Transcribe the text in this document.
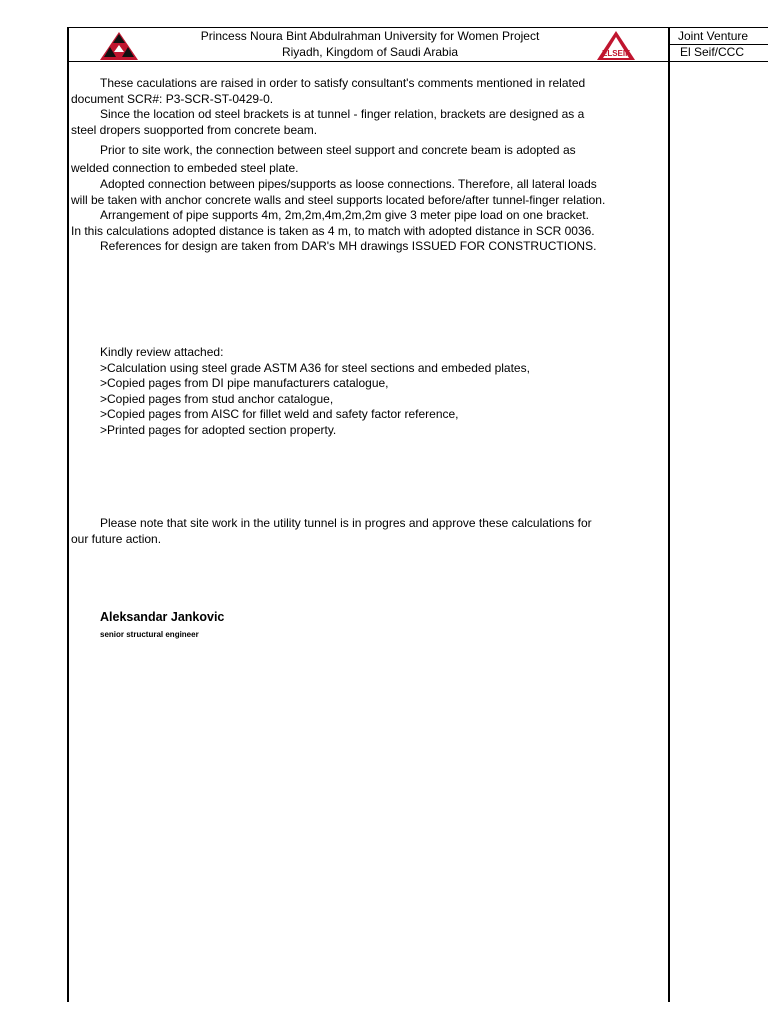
Princess Noura Bint Abdulrahman University for Women Project
Riyadh, Kingdom of Saudi Arabia	ELSEIF
Joint Venture
El Seif/CCC
These caculations are raised in order to satisfy consultant's comments mentioned in related
document SCR#: P3-SCR-ST-0429-0.
Since the location od steel brackets is at tunnel - finger relation, brackets are designed as a
steel dropers suopported from concrete beam.
Prior to site work, the connection between steel support and concrete beam is adopted as
welded connection to embeded steel plate.
Adopted connection between pipes/supports as loose connections. Therefore, all lateral loads
will be taken with anchor concrete walls and steel supports located before/after tunnel-finger relation.
Arrangement of pipe supports 4m, 2m,2m,4m,2m,2m give 3 meter pipe load on one bracket.
In this calculations adopted distance is taken as 4 m, to match with adopted distance in SCR 0036.
References for design are taken from DAR's MH drawings ISSUED FOR CONSTRUCTIONS.
Kindly review attached:
>Calculation using steel grade ASTM A36 for steel sections and embeded plates,
>Copied pages from DI pipe manufacturers catalogue,
>Copied pages from stud anchor catalogue,
>Copied pages from AISC for fillet weld and safety factor reference,
>Printed pages for adopted section property.
Please note that site work in the utility tunnel is in progres and approve these calculations for
our future action.
Aleksandar Jankovic
senior structural engineer
